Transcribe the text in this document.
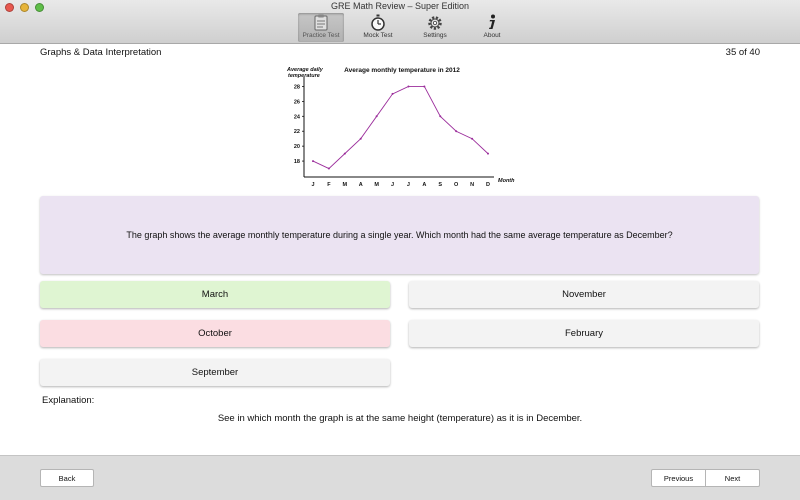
GRE Math Review – Super Edition
Practice Test	Mock Test	Settings	About
Graphs & Data Interpretation	35 of 40
Average daily
temperature
Average monthly temperature in 2012
Month
18
20
22
24
26
28
J F M A M J J A S O N D
The graph shows the average monthly temperature during a single year. Which month had the same average temperature as December?
March	November
October	February
September
Explanation:
See in which month the graph is at the same height (temperature) as it is in December.
Back	Previous	Next
